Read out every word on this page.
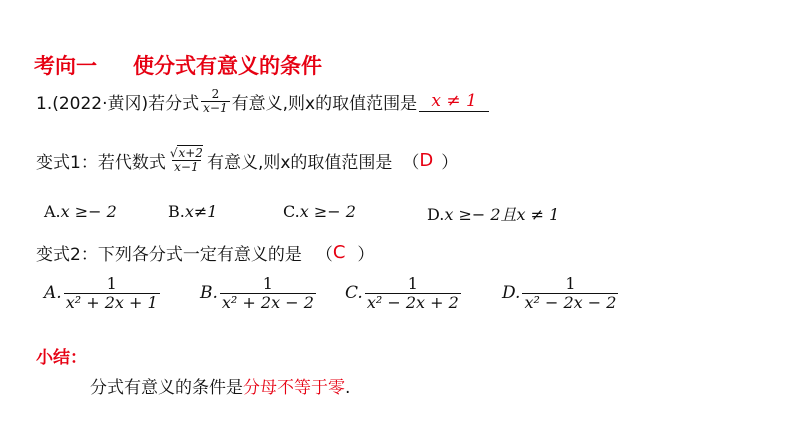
考向一 使分式有意义的条件
1.(2022·黄冈)若分式 $\frac{2}{x-1}$ 有意义,则x的取值范围是 x ≠ 1
变式1：若代数式 $\frac{√x+2}{x-1}$ 有意义,则x的取值范围是 （ D ）
A.x ≥− 2	B.x≠1	C.x ≥− 2	D.x ≥− 2且x ≠ 1
变式2：下列各分式一定有意义的是 （ C ）
A. $\frac{1}{\text{x² + 2x + 1}} B$. $\frac{1}{\text{x² + 2x − 2}} C$. $\frac{1}{\text{x² − 2x + 2}} D$. $\frac{1}{\text{x² − 2x − 2}}$
小结：
分式有意义的条件是分母不等于零.
